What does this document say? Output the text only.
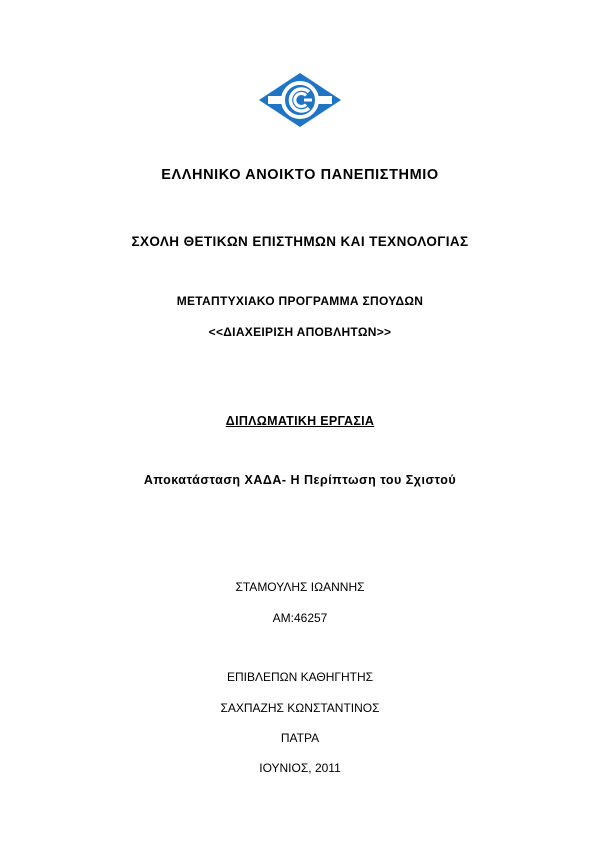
ΕΛΛΗΝΙΚΟ ΑΝΟΙΚΤΟ ΠΑΝΕΠΙΣΤΗΜΙΟ
ΣΧΟΛΗ ΘΕΤΙΚΩΝ ΕΠΙΣΤΗΜΩΝ ΚΑΙ ΤΕΧΝΟΛΟΓΙΑΣ
ΜΕΤΑΠΤΥΧΙΑΚΟ ΠΡΟΓΡΑΜΜΑ ΣΠΟΥΔΩΝ
<<ΔΙΑΧΕΙΡΙΣΗ ΑΠΟΒΛΗΤΩΝ>>
ΔΙΠΛΩΜΑΤΙΚΗ ΕΡΓΑΣΙΑ
Αποκατάσταση ΧΑΔΑ- Η Περίπτωση του Σχιστού
ΣΤΑΜΟΥΛΗΣ ΙΩΑΝΝΗΣ
ΑΜ:46257
ΕΠΙΒΛΕΠΩΝ ΚΑΘΗΓΗΤΗΣ
ΣΑΧΠΑΖΗΣ ΚΩΝΣΤΑΝΤΙΝΟΣ
ΠΑΤΡΑ
ΙΟΥΝΙΟΣ, 2011
